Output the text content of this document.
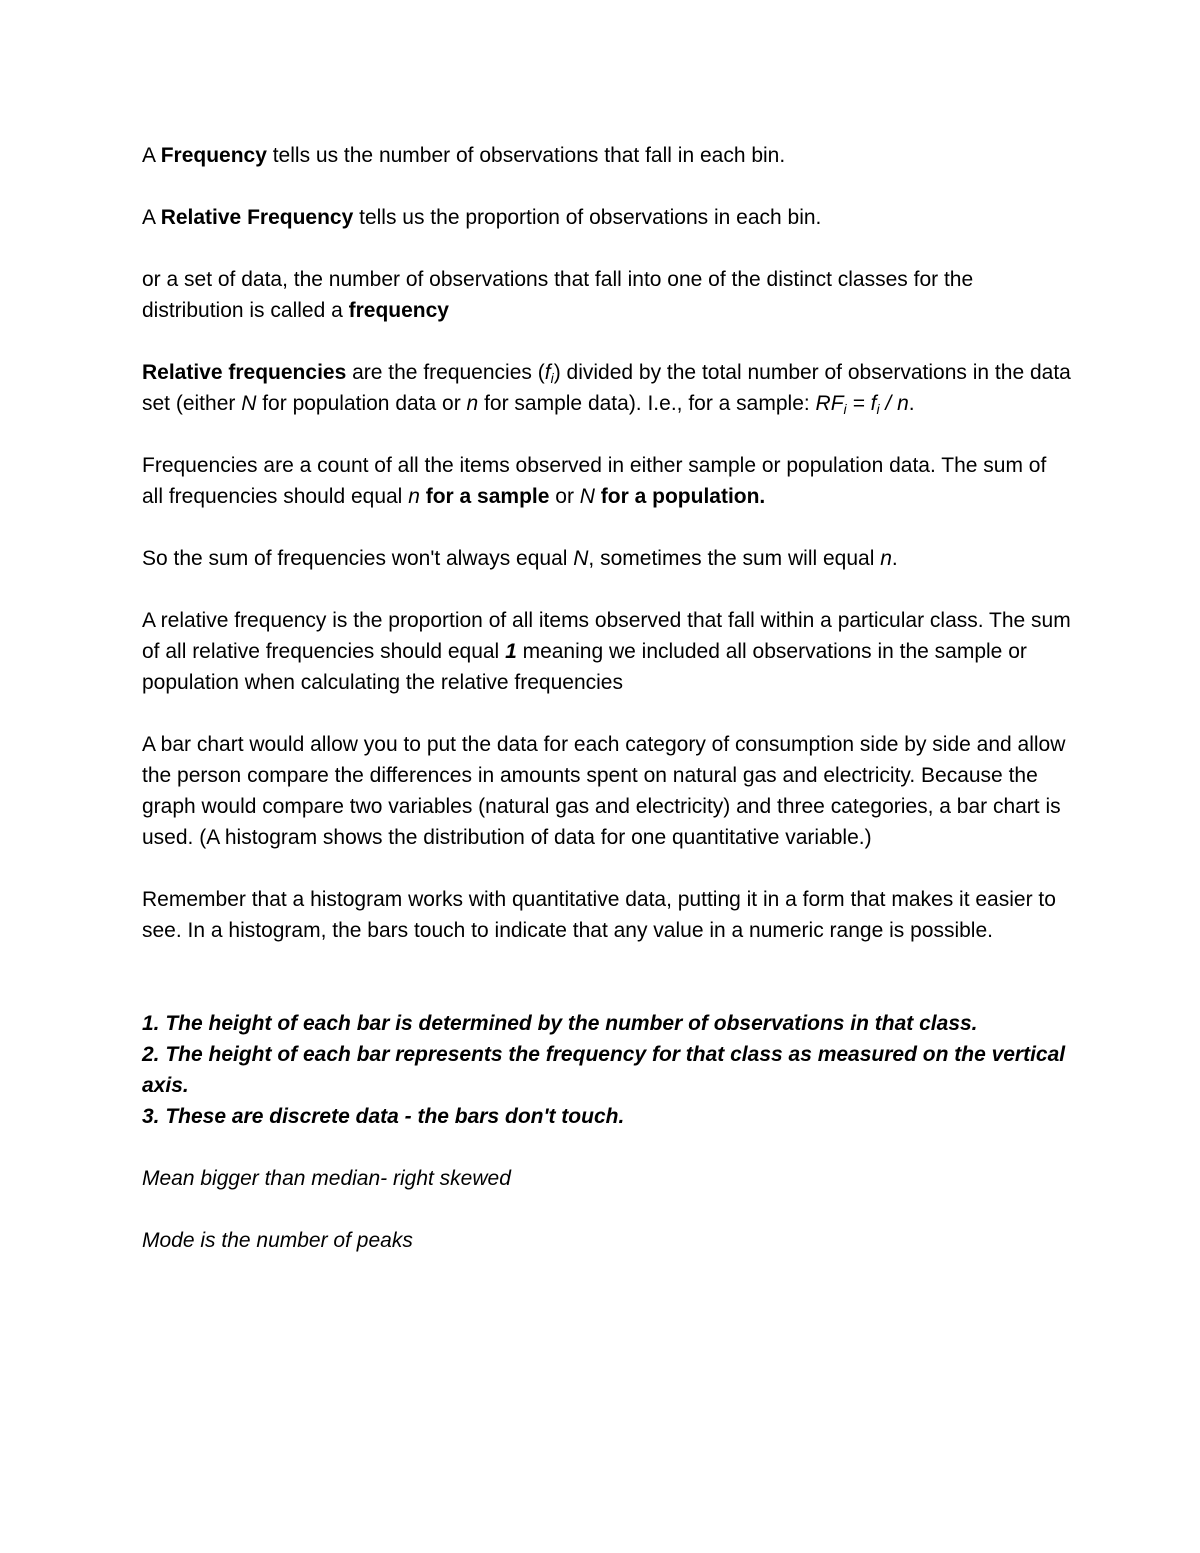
A Frequency tells us the number of observations that fall in each bin.

A Relative Frequency tells us the proportion of observations in each bin.

or a set of data, the number of observations that fall into one of the distinct classes for the distribution is called a frequency

Relative frequencies are the frequencies $(f_i)$ divided by the total number of observations in the data set (either N for population data or n for sample data). I.e., for a sample: $RF_i = f_i / n$.

Frequencies are a count of all the items observed in either sample or population data. The sum of all frequencies should equal n for a sample or N for a population.

So the sum of frequencies won't always equal N, sometimes the sum will equal n.

A relative frequency is the proportion of all items observed that fall within a particular class. The sum of all relative frequencies should equal 1 meaning we included all observations in the sample or population when calculating the relative frequencies

A bar chart would allow you to put the data for each category of consumption side by side and allow the person compare the differences in amounts spent on natural gas and electricity. Because the graph would compare two variables (natural gas and electricity) and three categories, a bar chart is used. (A histogram shows the distribution of data for one quantitative variable.)

Remember that a histogram works with quantitative data, putting it in a form that makes it easier to see. In a histogram, the bars touch to indicate that any value in a numeric range is possible.

1. The height of each bar is determined by the number of observations in that class.

2. The height of each bar represents the frequency for that class as measured on the vertical axis.

3. These are discrete data - the bars don't touch.

Mean bigger than median- right skewed

Mode is the number of peaks
